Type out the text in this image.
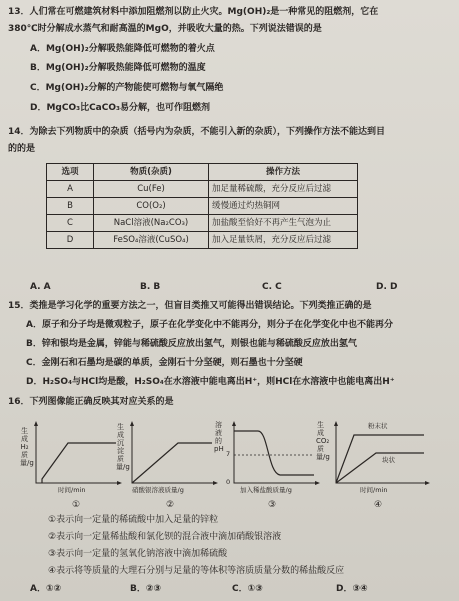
13．人们常在可燃建筑材料中添加阻燃剂以防止火灾。Mg(OH)₂是一种常见的阻燃剂，它在
380℃时分解成水蒸气和耐高温的MgO，并吸收大量的热。下列说法错误的是
A．Mg(OH)₂分解吸热能降低可燃物的着火点
B．Mg(OH)₂分解吸热能降低可燃物的温度
C．Mg(OH)₂分解的产物能使可燃物与氧气隔绝
D．MgCO₃比CaCO₃易分解，也可作阻燃剂
14．为除去下列物质中的杂质（括号内为杂质，不能引入新的杂质），下列操作方法不能达到目
的的是
选项	物质(杂质)	操作方法
A	Cu(Fe)	加足量稀硫酸，充分反应后过滤
B	CO(O₂)	缓慢通过灼热铜网
C	NaCl溶液(Na₂CO₃)	加盐酸至恰好不再产生气泡为止
D	FeSO₄溶液(CuSO₄)	加入足量铁屑，充分反应后过滤
A. A	B. B	C. C	D. D
15．类推是学习化学的重要方法之一，但盲目类推又可能得出错误结论。下列类推正确的是
A．原子和分子均是微观粒子，原子在化学变化中不能再分，则分子在化学变化中也不能再分
B．锌和银均是金属，锌能与稀硫酸反应放出氢气，则银也能与稀硫酸反应放出氢气
C．金刚石和石墨均是碳的单质，金刚石十分坚硬，则石墨也十分坚硬
D．H₂SO₄与HCl均是酸，H₂SO₄在水溶液中能电离出H⁺，则HCl在水溶液中也能电离出H⁺
16．下列图像能正确反映其对应关系的是
生成H₂质量/g
时间/min
①
生成沉淀质量/g
硝酸银溶液质量/g
②
溶液的pH
7
0
加入稀盐酸质量/g
③
生成CO₂质量/g
粉末状
块状
时间/min
④
①表示向一定量的稀硫酸中加入足量的锌粒
②表示向一定量稀盐酸和氯化钡的混合液中滴加硝酸银溶液
③表示向一定量的氢氧化钠溶液中滴加稀硫酸
④表示将等质量的大理石分别与足量的等体积等溶质质量分数的稀盐酸反应
A．①②	B．②③	C．①③	D．③④
